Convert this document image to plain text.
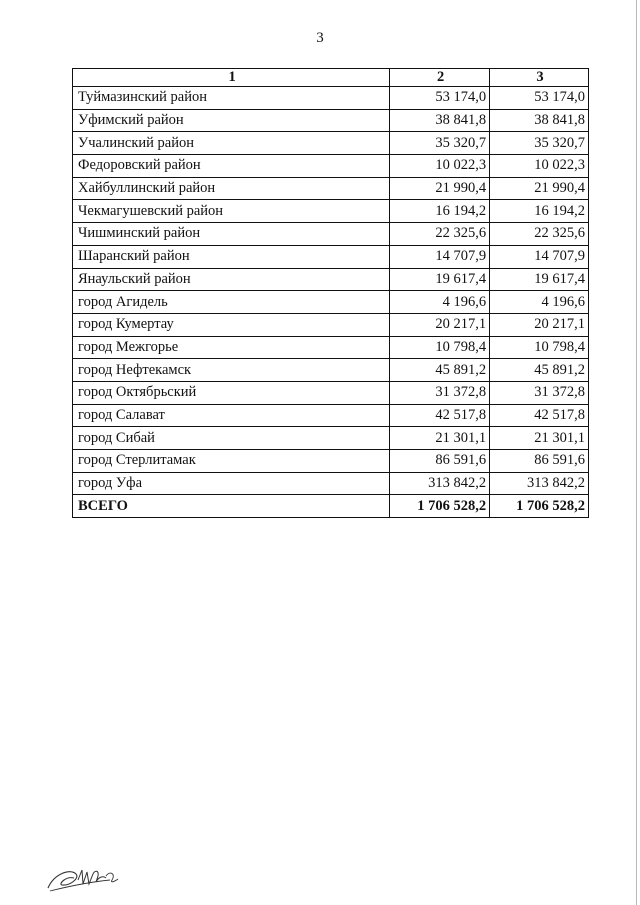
3
1	2	3
Туймазинский район	53 174,0	53 174,0
Уфимский район	38 841,8	38 841,8
Учалинский район	35 320,7	35 320,7
Федоровский район	10 022,3	10 022,3
Хайбуллинский район	21 990,4	21 990,4
Чекмагушевский район	16 194,2	16 194,2
Чишминский район	22 325,6	22 325,6
Шаранский район	14 707,9	14 707,9
Янаульский район	19 617,4	19 617,4
город Агидель	4 196,6	4 196,6
город Кумертау	20 217,1	20 217,1
город Межгорье	10 798,4	10 798,4
город Нефтекамск	45 891,2	45 891,2
город Октябрьский	31 372,8	31 372,8
город Салават	42 517,8	42 517,8
город Сибай	21 301,1	21 301,1
город Стерлитамак	86 591,6	86 591,6
город Уфа	313 842,2	313 842,2
ВСЕГО	1 706 528,2	1 706 528,2
